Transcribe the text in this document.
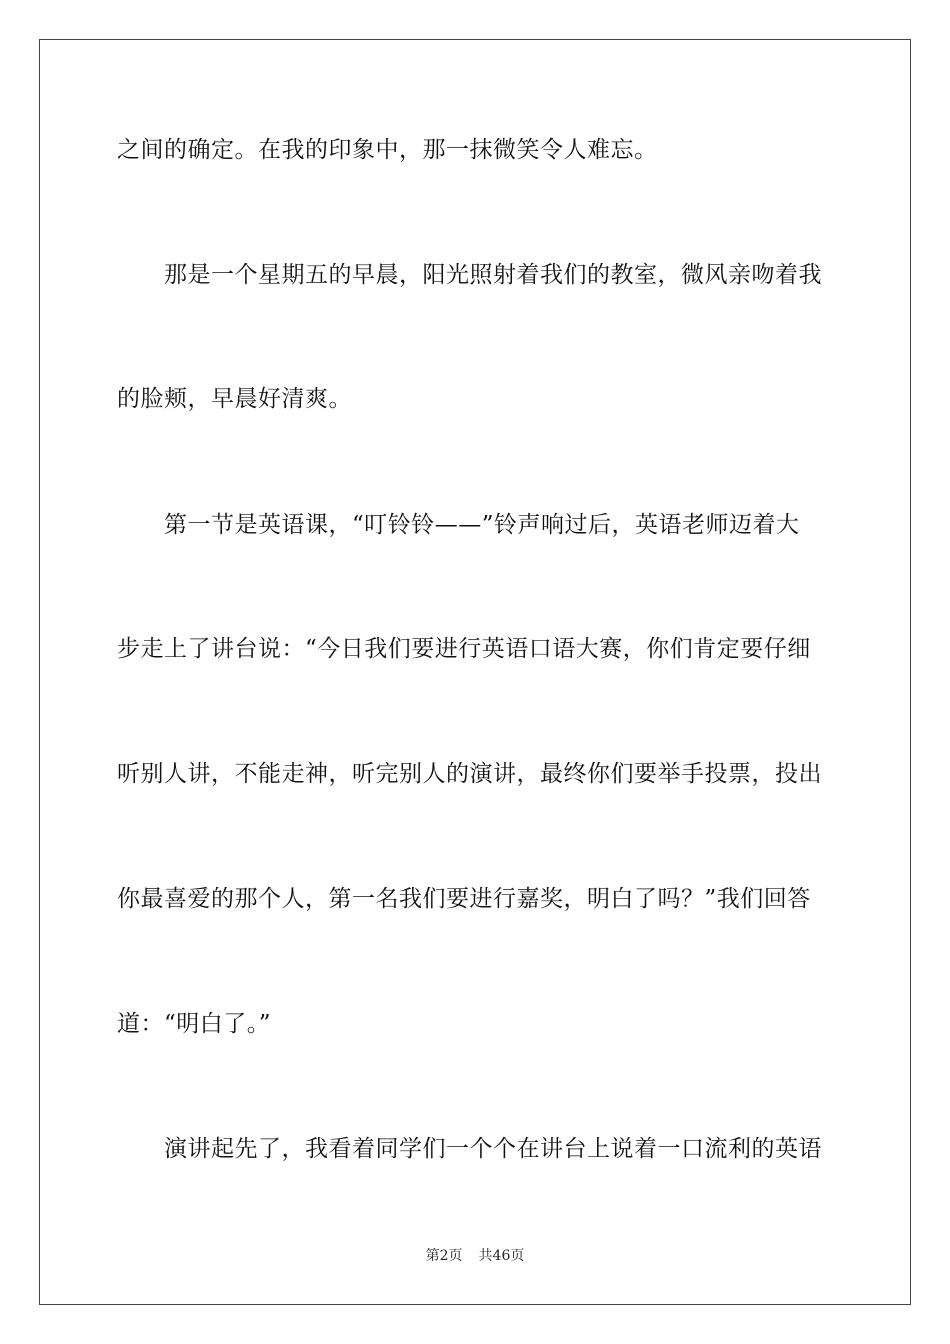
之间的确定。在我的印象中，那一抹微笑令人难忘。
那是一个星期五的早晨，阳光照射着我们的教室，微风亲吻着我
的脸颊，早晨好清爽。
第一节是英语课，“叮铃铃——”铃声响过后，英语老师迈着大
步走上了讲台说：“今日我们要进行英语口语大赛，你们肯定要仔细
听别人讲，不能走神，听完别人的演讲，最终你们要举手投票，投出
你最喜爱的那个人，第一名我们要进行嘉奖，明白了吗？”我们回答
道：“明白了。”
演讲起先了，我看着同学们一个个在讲台上说着一口流利的英语
第2页 共46页
